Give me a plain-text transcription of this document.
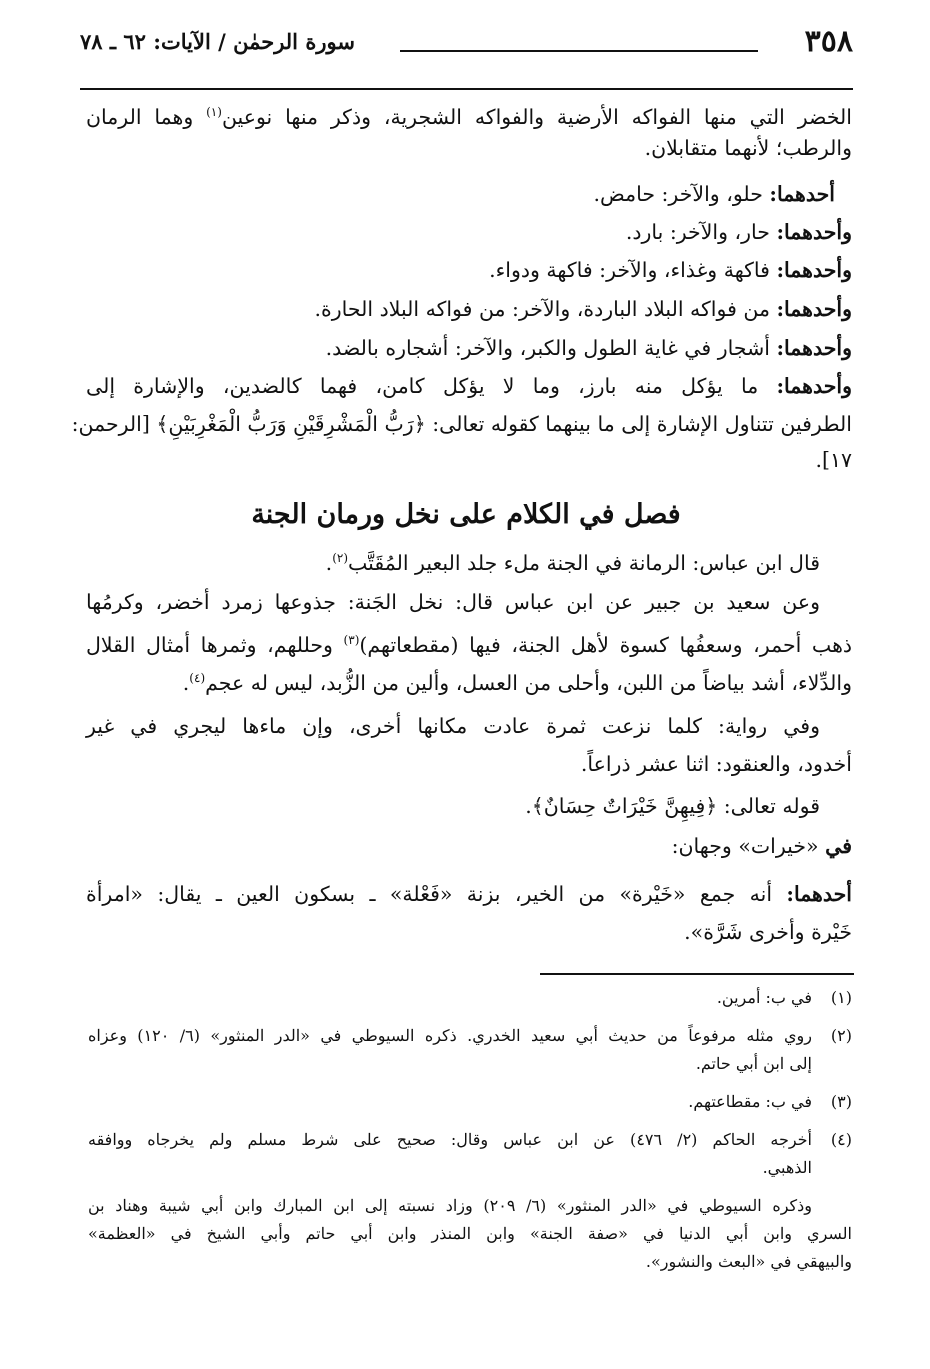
٣٥٨
سورة الرحمٰن / الآيات: ٦٢ ـ ٧٨
الخضر التي منها الفواكه الأرضية والفواكه الشجرية، وذكر منها نوعين$^{(١)}$ وهما الرمان
والرطب؛ لأنهما متقابلان.
أحدهما: حلو، والآخر: حامض.
وأحدهما: حار، والآخر: بارد.
وأحدهما: فاكهة وغذاء، والآخر: فاكهة ودواء.
وأحدهما: من فواكه البلاد الباردة، والآخر: من فواكه البلاد الحارة.
وأحدهما: أشجار في غاية الطول والكبر، والآخر: أشجاره بالضد.
وأحدهما: ما يؤكل منه بارز، وما لا يؤكل كامن، فهما كالضدين، والإشارة إلى
الطرفين تتناول الإشارة إلى ما بينهما كقوله تعالى: ﴿رَبُّ الْمَشْرِقَيْنِ وَرَبُّ الْمَغْرِبَيْنِ﴾ [الرحمن:
١٧].
فصل في الكلام على نخل ورمان الجنة
قال ابن عباس: الرمانة في الجنة ملء جلد البعير المُقَتَّب$^{(٢)}$.
وعن سعيد بن جبير عن ابن عباس قال: نخل الجَنة: جذوعها زمرد أخضر، وكرمُها
ذهب أحمر، وسعفُها كسوة لأهل الجنة، فيها (مقطعاتهم)$^{(٣)}$ وحللهم، وثمرها أمثال القلال
والدِّلاء، أشد بياضاً من اللبن، وأحلى من العسل، وألين من الزُّبد، ليس له عجم$^{(٤)}$.
وفي رواية: كلما نزعت ثمرة عادت مكانها أخرى، وإن ماءها ليجري في غير
أخدود، والعنقود: اثنا عشر ذراعاً.
قوله تعالى: ﴿فِيهِنَّ خَيْرَاتٌ حِسَانٌ﴾.
في «خيرات» وجهان:
أحدهما: أنه جمع «خَيْرة» من الخير، بزنة «فَعْلة» ـ بسكون العين ـ يقال: «امرأة
خَيْرة وأخرى شَرَّة».
(١)في ب: أمرين.
(٢)روي مثله مرفوعاً من حديث أبي سعيد الخدري. ذكره السيوطي في «الدر المنثور» (٦/ ١٢٠) وعزاه
إلى ابن أبي حاتم.
(٣)في ب: مقطاعتهم.
(٤)أخرجه الحاكم (٢/ ٤٧٦) عن ابن عباس وقال: صحيح على شرط مسلم ولم يخرجاه ووافقه
الذهبي.
وذكره السيوطي في «الدر المنثور» (٦/ ٢٠٩) وزاد نسبته إلى ابن المبارك وابن أبي شيبة وهناد بن
السري وابن أبي الدنيا في «صفة الجنة» وابن المنذر وابن أبي حاتم وأبي الشيخ في «العظمة»
والبيهقي في «البعث والنشور».
